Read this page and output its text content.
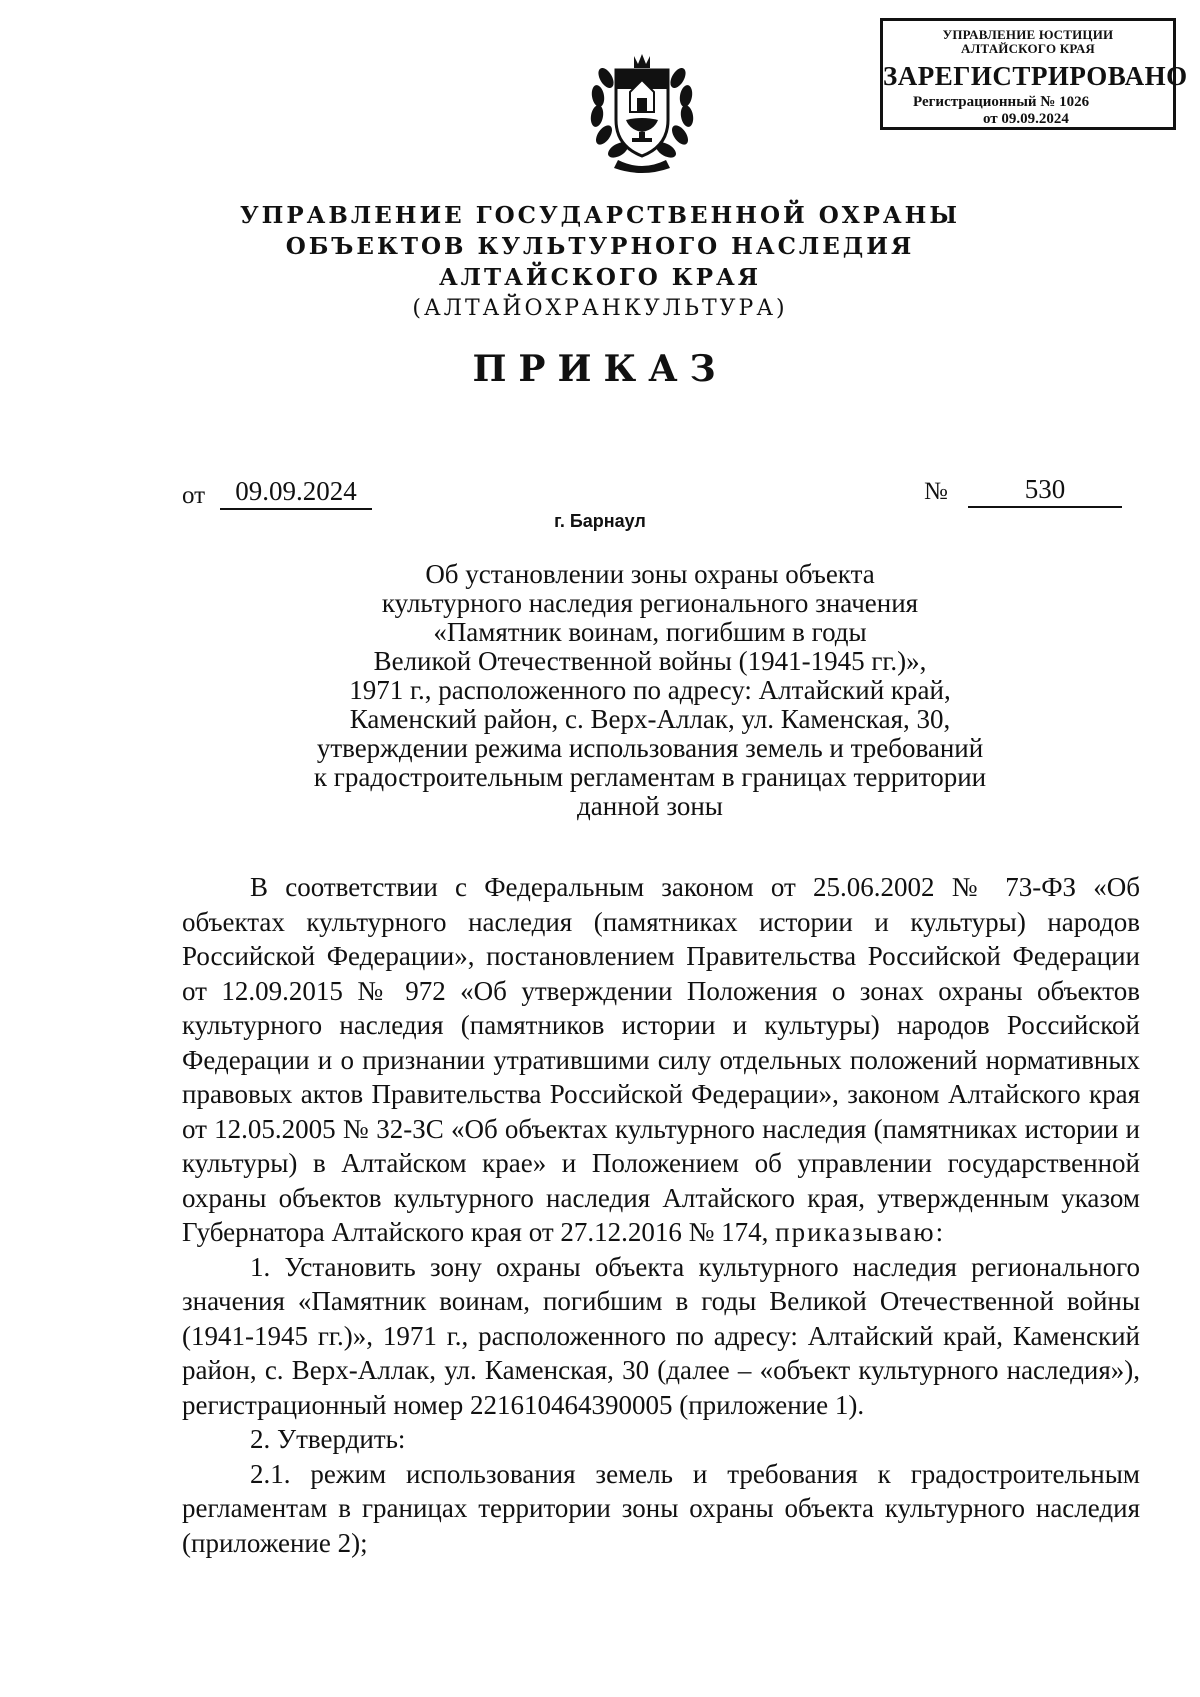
УПРАВЛЕНИЕ ЮСТИЦИИ
АЛТАЙСКОГО КРАЯ
ЗАРЕГИСТРИРОВАНО
Регистрационный № 1026
от 09.09.2024
УПРАВЛЕНИЕ ГОСУДАРСТВЕННОЙ ОХРАНЫ
ОБЪЕКТОВ КУЛЬТУРНОГО НАСЛЕДИЯ
АЛТАЙСКОГО КРАЯ
(АЛТАЙОХРАНКУЛЬТУРА)
ПРИКАЗ
от	09.09.2024	№	530
г. Барнаул
Об установлении зоны охраны объекта
культурного наследия регионального значения
«Памятник воинам, погибшим в годы
Великой Отечественной войны (1941-1945 гг.)»,
1971 г., расположенного по адресу: Алтайский край,
Каменский район, с. Верх-Аллак, ул. Каменская, 30,
утверждении режима использования земель и требований
к градостроительным регламентам в границах территории
данной зоны

В соответствии с Федеральным законом от 25.06.2002 № 73-ФЗ «Об объектах культурного наследия (памятниках истории и культуры) народов Российской Федерации», постановлением Правительства Российской Федерации от 12.09.2015 № 972 «Об утверждении Положения о зонах охраны объектов культурного наследия (памятников истории и культуры) народов Российской Федерации и о признании утратившими силу отдельных положений нормативных правовых актов Правительства Российской Федерации», законом Алтайского края от 12.05.2005 № 32-ЗС «Об объектах культурного наследия (памятниках истории и культуры) в Алтайском крае» и Положением об управлении государственной охраны объектов культурного наследия Алтайского края, утвержденным указом Губернатора Алтайского края от 27.12.2016 № 174, приказываю:

1. Установить зону охраны объекта культурного наследия регионального значения «Памятник воинам, погибшим в годы Великой Отечественной войны (1941-1945 гг.)», 1971 г., расположенного по адресу: Алтайский край, Каменский район, с. Верх-Аллак, ул. Каменская, 30 (далее – «объект культурного наследия»), регистрационный номер 221610464390005 (приложение 1).

2. Утвердить:

2.1. режим использования земель и требования к градостроительным регламентам в границах территории зоны охраны объекта культурного наследия (приложение 2);
